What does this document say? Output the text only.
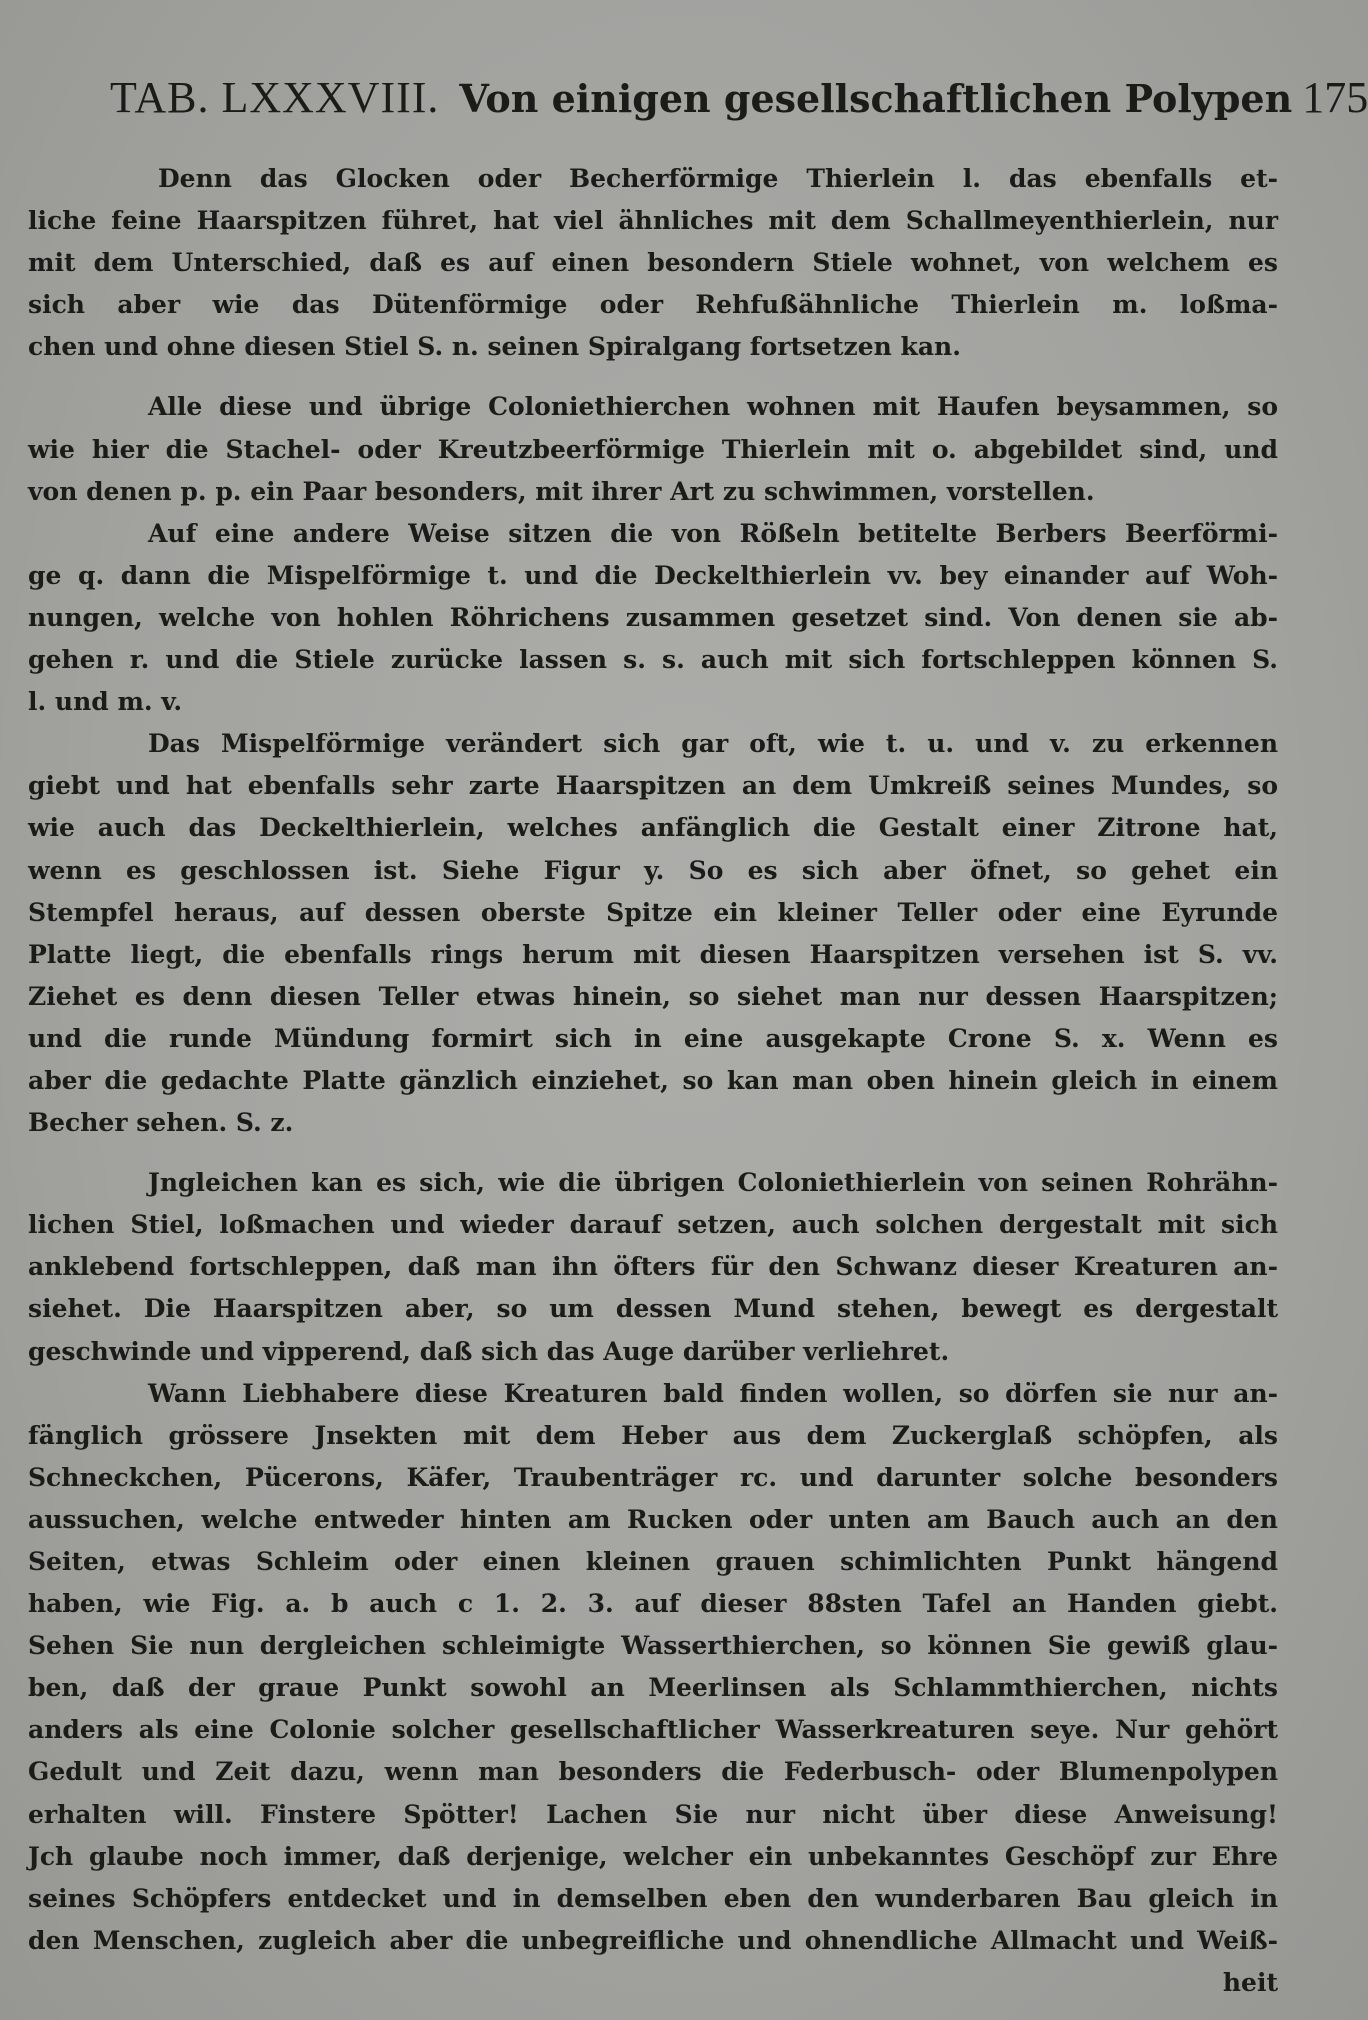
TAB. LXXXVIII. Von einigen gesellschaftlichen Polypen 175
Denn das Glocken oder Becherförmige Thierlein l. das ebenfalls et-
liche feine Haarspitzen führet, hat viel ähnliches mit dem Schallmeyenthierlein, nur
mit dem Unterschied, daß es auf einen besondern Stiele wohnet, von welchem es
sich aber wie das Dütenförmige oder Rehfußähnliche Thierlein m. loßma-
chen und ohne diesen Stiel S. n. seinen Spiralgang fortsetzen kan.
Alle diese und übrige Coloniethierchen wohnen mit Haufen beysammen, so
wie hier die Stachel- oder Kreutzbeerförmige Thierlein mit o. abgebildet sind, und
von denen p. p. ein Paar besonders, mit ihrer Art zu schwimmen, vorstellen.
Auf eine andere Weise sitzen die von Rößeln betitelte Berbers Beerförmi-
ge q. dann die Mispelförmige t. und die Deckelthierlein vv. bey einander auf Woh-
nungen, welche von hohlen Röhrichens zusammen gesetzet sind. Von denen sie ab-
gehen r. und die Stiele zurücke lassen s. s. auch mit sich fortschleppen können S.
l. und m. v.
Das Mispelförmige verändert sich gar oft, wie t. u. und v. zu erkennen
giebt und hat ebenfalls sehr zarte Haarspitzen an dem Umkreiß seines Mundes, so
wie auch das Deckelthierlein, welches anfänglich die Gestalt einer Zitrone hat,
wenn es geschlossen ist. Siehe Figur y. So es sich aber öfnet, so gehet ein
Stempfel heraus, auf dessen oberste Spitze ein kleiner Teller oder eine Eyrunde
Platte liegt, die ebenfalls rings herum mit diesen Haarspitzen versehen ist S. vv.
Ziehet es denn diesen Teller etwas hinein, so siehet man nur dessen Haarspitzen;
und die runde Mündung formirt sich in eine ausgekapte Crone S. x. Wenn es
aber die gedachte Platte gänzlich einziehet, so kan man oben hinein gleich in einem
Becher sehen. S. z.
Jngleichen kan es sich, wie die übrigen Coloniethierlein von seinen Rohrähn-
lichen Stiel, loßmachen und wieder darauf setzen, auch solchen dergestalt mit sich
anklebend fortschleppen, daß man ihn öfters für den Schwanz dieser Kreaturen an-
siehet. Die Haarspitzen aber, so um dessen Mund stehen, bewegt es dergestalt
geschwinde und vipperend, daß sich das Auge darüber verliehret.
Wann Liebhabere diese Kreaturen bald finden wollen, so dörfen sie nur an-
fänglich grössere Jnsekten mit dem Heber aus dem Zuckerglaß schöpfen, als
Schneckchen, Pücerons, Käfer, Traubenträger rc. und darunter solche besonders
aussuchen, welche entweder hinten am Rucken oder unten am Bauch auch an den
Seiten, etwas Schleim oder einen kleinen grauen schimlichten Punkt hängend
haben, wie Fig. a. b auch c 1. 2. 3. auf dieser 88sten Tafel an Handen giebt.
Sehen Sie nun dergleichen schleimigte Wasserthierchen, so können Sie gewiß glau-
ben, daß der graue Punkt sowohl an Meerlinsen als Schlammthierchen, nichts
anders als eine Colonie solcher gesellschaftlicher Wasserkreaturen seye. Nur gehört
Gedult und Zeit dazu, wenn man besonders die Federbusch- oder Blumenpolypen
erhalten will. Finstere Spötter! Lachen Sie nur nicht über diese Anweisung!
Jch glaube noch immer, daß derjenige, welcher ein unbekanntes Geschöpf zur Ehre
seines Schöpfers entdecket und in demselben eben den wunderbaren Bau gleich in
den Menschen, zugleich aber die unbegreifliche und ohnendliche Allmacht und Weiß-
heit
